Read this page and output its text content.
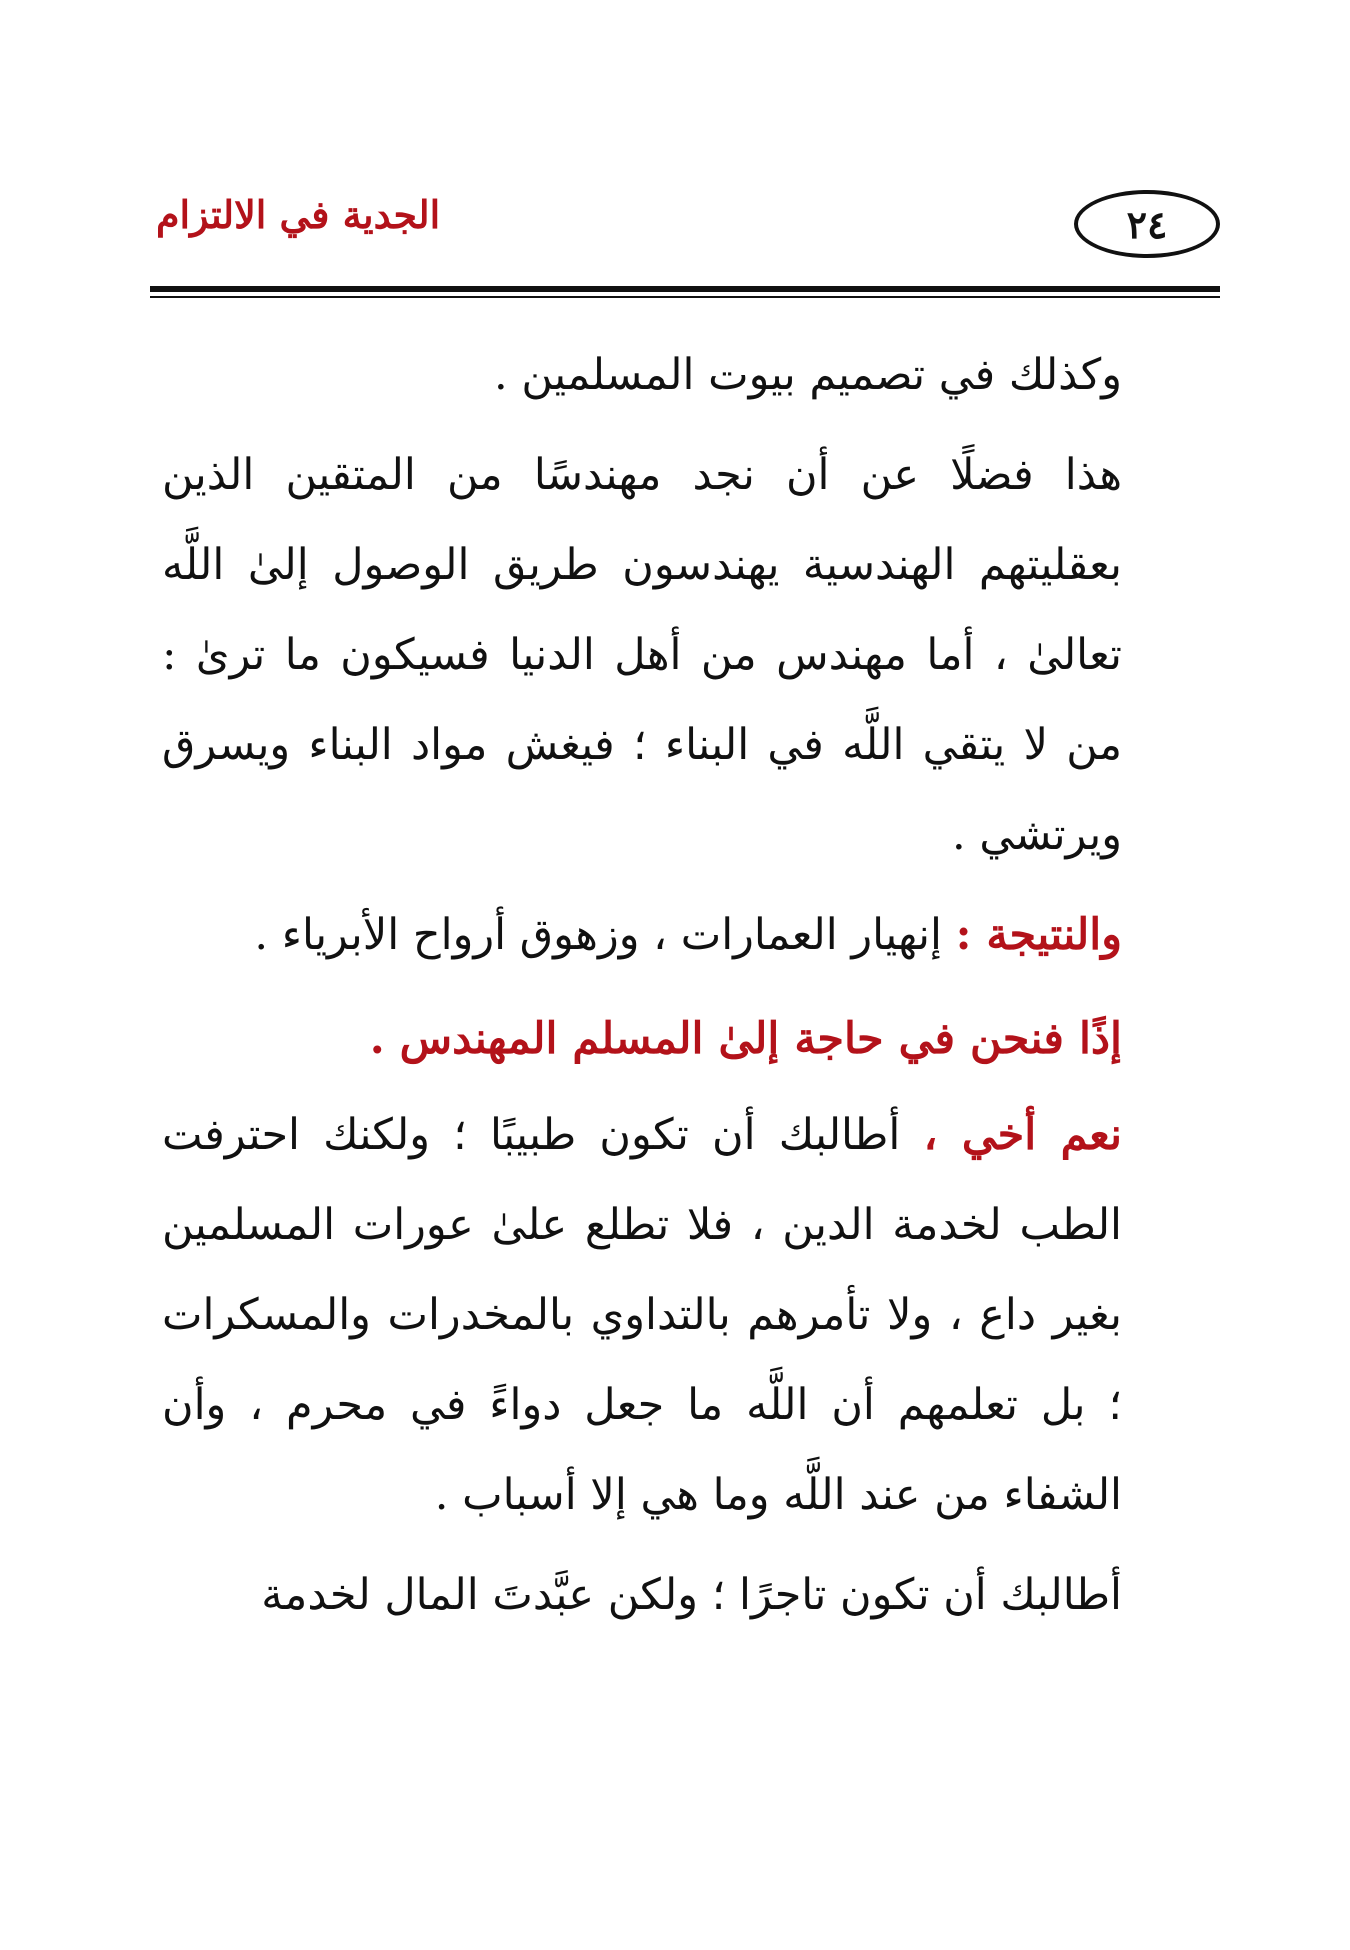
٢٤
الجدية في الالتزام

وكذلك في تصميم بيوت المسلمين .

هذا فضلًا عن أن نجد مهندسًا من المتقين الذين بعقليتهم الهندسية يهندسون طريق الوصول إلىٰ اللَّه تعالىٰ ، أما مهندس من أهل الدنيا فسيكون ما ترىٰ : من لا يتقي اللَّه في البناء ؛ فيغش مواد البناء ويسرق ويرتشي .

والنتيجة : إنهيار العمارات ، وزهوق أرواح الأبرياء .

إذًا فنحن في حاجة إلىٰ المسلم المهندس .

نعم أخي ، أطالبك أن تكون طبيبًا ؛ ولكنك احترفت الطب لخدمة الدين ، فلا تطلع علىٰ عورات المسلمين بغير داع ، ولا تأمرهم بالتداوي بالمخدرات والمسكرات ؛ بل تعلمهم أن اللَّه ما جعل دواءً في محرم ، وأن الشفاء من عند اللَّه وما هي إلا أسباب .

أطالبك أن تكون تاجرًا ؛ ولكن عبَّدتَ المال لخدمة
